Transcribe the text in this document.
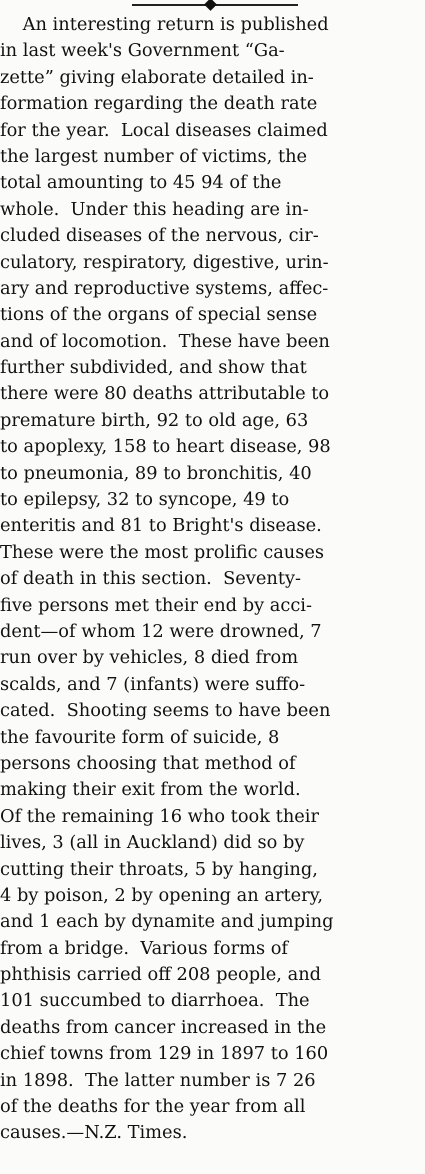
An interesting return is published
in last week's Government “Ga-
zette” giving elaborate detailed in-
formation regarding the death rate
for the year.  Local diseases claimed
the largest number of victims, the
total amounting to 45 94 of the
whole.  Under this heading are in-
cluded diseases of the nervous, cir-
culatory, respiratory, digestive, urin-
ary and reproductive systems, affec-
tions of the organs of special sense
and of locomotion.  These have been
further subdivided, and show that
there were 80 deaths attributable to
premature birth, 92 to old age, 63
to apoplexy, 158 to heart disease, 98
to pneumonia, 89 to bronchitis, 40
to epilepsy, 32 to syncope, 49 to
enteritis and 81 to Bright's disease.
These were the most prolific causes
of death in this section.  Seventy-
five persons met their end by acci-
dent—of whom 12 were drowned, 7
run over by vehicles, 8 died from
scalds, and 7 (infants) were suffo-
cated.  Shooting seems to have been
the favourite form of suicide, 8
persons choosing that method of
making their exit from the world.
Of the remaining 16 who took their
lives, 3 (all in Auckland) did so by
cutting their throats, 5 by hanging,
4 by poison, 2 by opening an artery,
and 1 each by dynamite and jumping
from a bridge.  Various forms of
phthisis carried off 208 people, and
101 succumbed to diarrhoea.  The
deaths from cancer increased in the
chief towns from 129 in 1897 to 160
in 1898.  The latter number is 7 26
of the deaths for the year from all
causes.—N.Z. Times.
